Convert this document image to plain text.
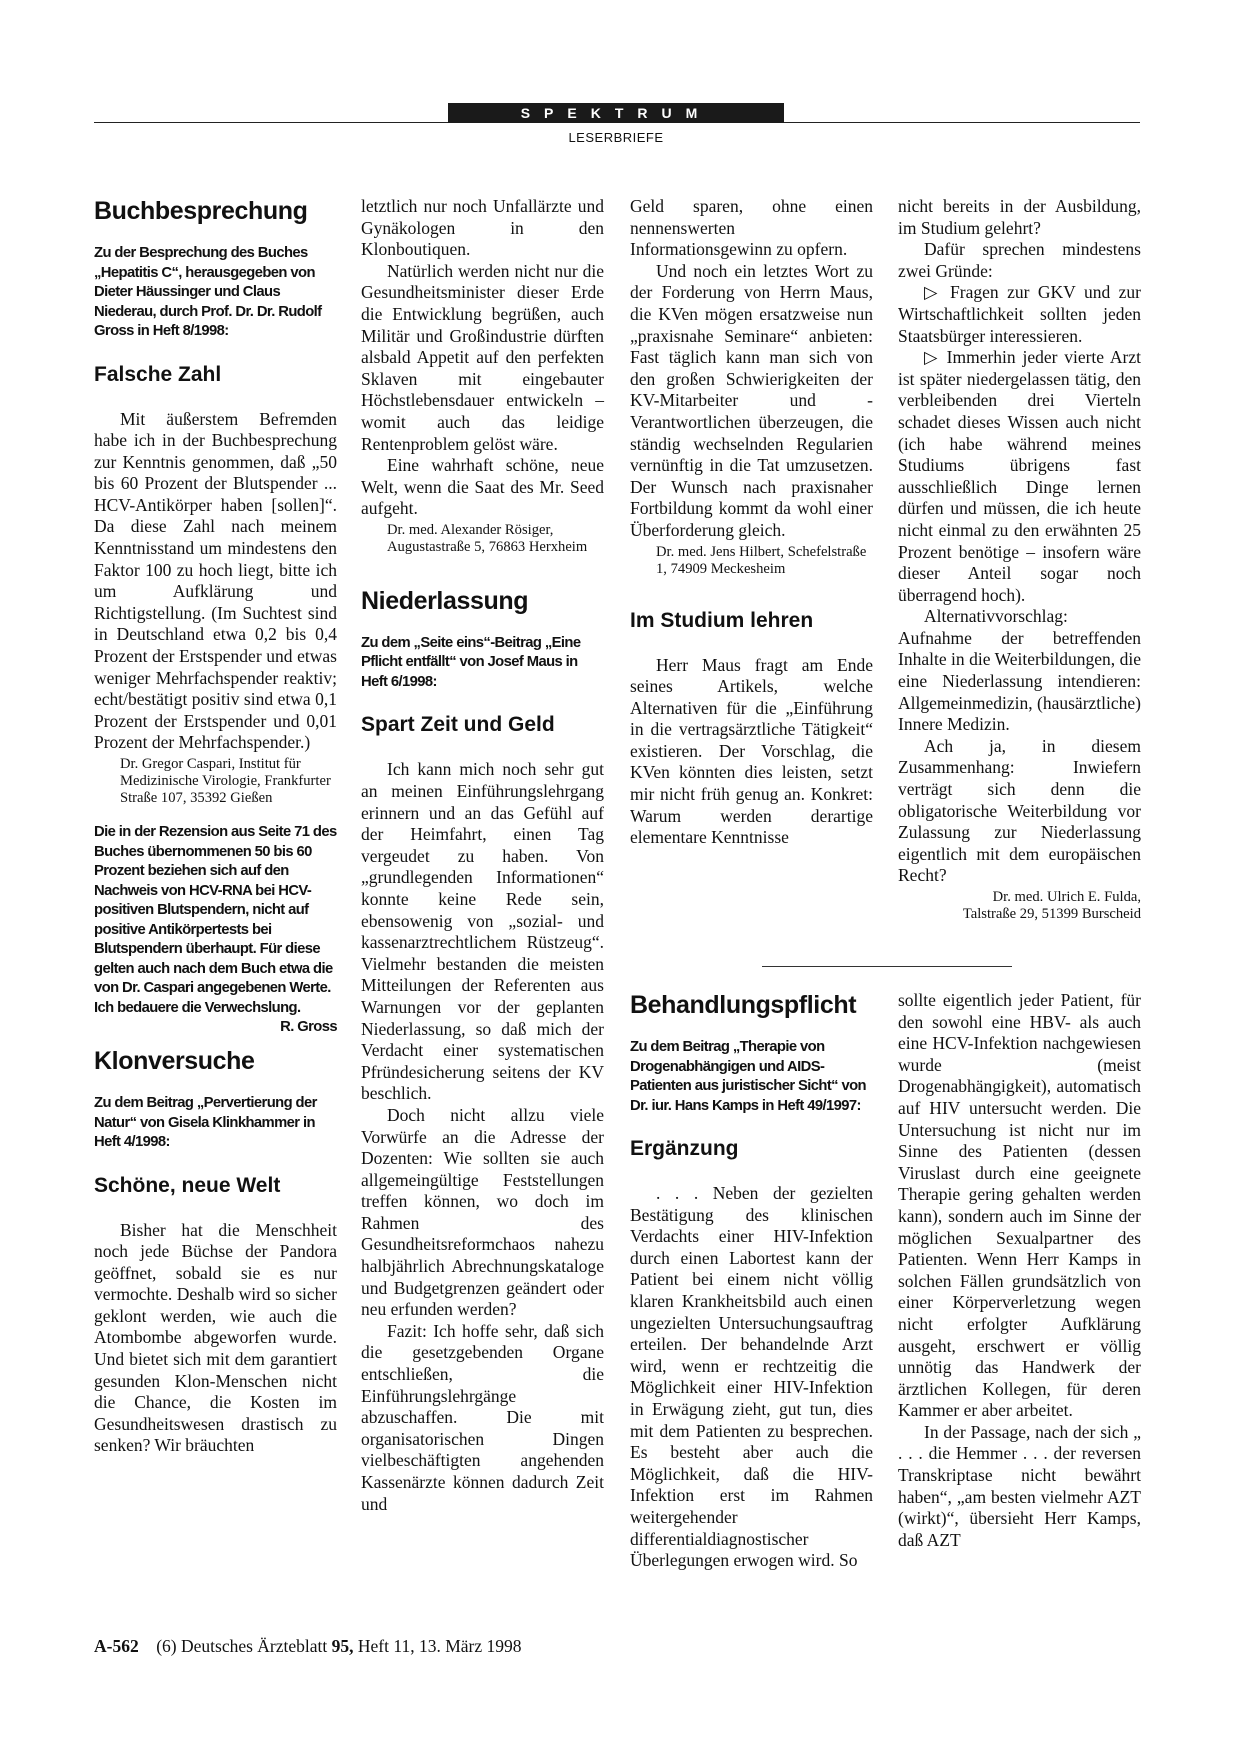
SPEKTRUM
LESERBRIEFE
Buchbesprechung
Zu der Besprechung des Buches „Hepatitis C“, herausgegeben von Dieter Häussinger und Claus Niederau, durch Prof. Dr. Dr. Rudolf Gross in Heft 8/1998:
Falsche Zahl

Mit äußerstem Befremden habe ich in der Buchbesprechung zur Kenntnis genommen, daß „50 bis 60 Prozent der Blutspender ... HCV-Antikörper haben [sollen]“. Da diese Zahl nach meinem Kenntnisstand um mindestens den Faktor 100 zu hoch liegt, bitte ich um Aufklärung und Richtigstellung. (Im Suchtest sind in Deutschland etwa 0,2 bis 0,4 Prozent der Erstspender und etwas weniger Mehrfachspender reaktiv; echt/bestätigt positiv sind etwa 0,1 Prozent der Erstspender und 0,01 Prozent der Mehrfachspender.)

Dr. Gregor Caspari, Institut für Medizinische Virologie, Frankfurter Straße 107, 35392 Gießen
Die in der Rezension aus Seite 71 des Buches übernommenen 50 bis 60 Prozent beziehen sich auf den Nachweis von HCV-RNA bei HCV-positiven Blutspendern, nicht auf positive Antikörpertests bei Blutspendern überhaupt. Für diese gelten auch nach dem Buch etwa die von Dr. Caspari angegebenen Werte. Ich bedauere die Verwechslung.
R. Gross
Klonversuche
Zu dem Beitrag „Pervertierung der Natur“ von Gisela Klinkhammer in Heft 4/1998:
Schöne, neue Welt

Bisher hat die Menschheit noch jede Büchse der Pandora geöffnet, sobald sie es nur vermochte. Deshalb wird so sicher geklont werden, wie auch die Atombombe abgeworfen wurde. Und bietet sich mit dem garantiert gesunden Klon-Menschen nicht die Chance, die Kosten im Gesundheitswesen drastisch zu senken? Wir bräuchten

letztlich nur noch Unfallärzte und Gynäkologen in den Klonboutiquen.

Natürlich werden nicht nur die Gesundheitsminister dieser Erde die Entwicklung begrüßen, auch Militär und Großindustrie dürften alsbald Appetit auf den perfekten Sklaven mit eingebauter Höchstlebensdauer entwickeln – womit auch das leidige Rentenproblem gelöst wäre.

Eine wahrhaft schöne, neue Welt, wenn die Saat des Mr. Seed aufgeht.

Dr. med. Alexander Rösiger, Augustastraße 5, 76863 Herxheim
Niederlassung
Zu dem „Seite eins“-Beitrag „Eine Pflicht entfällt“ von Josef Maus in Heft 6/1998:
Spart Zeit und Geld

Ich kann mich noch sehr gut an meinen Einführungslehrgang erinnern und an das Gefühl auf der Heimfahrt, einen Tag vergeudet zu haben. Von „grundlegenden Informationen“ konnte keine Rede sein, ebensowenig von „sozial- und kassenarztrechtlichem Rüstzeug“. Vielmehr bestanden die meisten Mitteilungen der Referenten aus Warnungen vor der geplanten Niederlassung, so daß mich der Verdacht einer systematischen Pfründesicherung seitens der KV beschlich.

Doch nicht allzu viele Vorwürfe an die Adresse der Dozenten: Wie sollten sie auch allgemeingültige Feststellungen treffen können, wo doch im Rahmen des Gesundheitsreformchaos nahezu halbjährlich Abrechnungskataloge und Budgetgrenzen geändert oder neu erfunden werden?

Fazit: Ich hoffe sehr, daß sich die gesetzgebenden Organe entschließen, die Einführungslehrgänge abzuschaffen. Die mit organisatorischen Dingen vielbeschäftigten angehenden Kassenärzte können dadurch Zeit und

Geld sparen, ohne einen nennenswerten Informationsgewinn zu opfern.

Und noch ein letztes Wort zu der Forderung von Herrn Maus, die KVen mögen ersatzweise nun „praxisnahe Seminare“ anbieten: Fast täglich kann man sich von den großen Schwierigkeiten der KV-Mitarbeiter und -Verantwortlichen überzeugen, die ständig wechselnden Regularien vernünftig in die Tat umzusetzen. Der Wunsch nach praxisnaher Fortbildung kommt da wohl einer Überforderung gleich.

Dr. med. Jens Hilbert, Schefelstraße 1, 74909 Meckesheim
Im Studium lehren

Herr Maus fragt am Ende seines Artikels, welche Alternativen für die „Einführung in die vertragsärztliche Tätigkeit“ existieren. Der Vorschlag, die KVen könnten dies leisten, setzt mir nicht früh genug an. Konkret: Warum werden derartige elementare Kenntnisse

nicht bereits in der Ausbildung, im Studium gelehrt?

Dafür sprechen mindestens zwei Gründe:

▷ Fragen zur GKV und zur Wirtschaftlichkeit sollten jeden Staatsbürger interessieren.

▷ Immerhin jeder vierte Arzt ist später niedergelassen tätig, den verbleibenden drei Vierteln schadet dieses Wissen auch nicht (ich habe während meines Studiums übrigens fast ausschließlich Dinge lernen dürfen und müssen, die ich heute nicht einmal zu den erwähnten 25 Prozent benötige – insofern wäre dieser Anteil sogar noch überragend hoch).

Alternativvorschlag: Aufnahme der betreffenden Inhalte in die Weiterbildungen, die eine Niederlassung intendieren: Allgemeinmedizin, (hausärztliche) Innere Medizin.

Ach ja, in diesem Zusammenhang: Inwiefern verträgt sich denn die obligatorische Weiterbildung vor Zulassung zur Niederlassung eigentlich mit dem europäischen Recht?

Dr. med. Ulrich E. Fulda,
Talstraße 29, 51399 Burscheid
Behandlungspflicht
Zu dem Beitrag „Therapie von Drogenabhängigen und AIDS-Patienten aus juristischer Sicht“ von Dr. iur. Hans Kamps in Heft 49/1997:
Ergänzung

. . . Neben der gezielten Bestätigung des klinischen Verdachts einer HIV-Infektion durch einen Labortest kann der Patient bei einem nicht völlig klaren Krankheitsbild auch einen ungezielten Untersuchungsauftrag erteilen. Der behandelnde Arzt wird, wenn er rechtzeitig die Möglichkeit einer HIV-Infektion in Erwägung zieht, gut tun, dies mit dem Patienten zu besprechen. Es besteht aber auch die Möglichkeit, daß die HIV-Infektion erst im Rahmen weitergehender differentialdiagnostischer Überlegungen erwogen wird. So

sollte eigentlich jeder Patient, für den sowohl eine HBV- als auch eine HCV-Infektion nachgewiesen wurde (meist Drogenabhängigkeit), automatisch auf HIV untersucht werden. Die Untersuchung ist nicht nur im Sinne des Patienten (dessen Viruslast durch eine geeignete Therapie gering gehalten werden kann), sondern auch im Sinne der möglichen Sexualpartner des Patienten. Wenn Herr Kamps in solchen Fällen grundsätzlich von einer Körperverletzung wegen nicht erfolgter Aufklärung ausgeht, erschwert er völlig unnötig das Handwerk der ärztlichen Kollegen, für deren Kammer er aber arbeitet.

In der Passage, nach der sich „ . . . die Hemmer . . . der reversen Transkriptase nicht bewährt haben“, „am besten vielmehr AZT (wirkt)“, übersieht Herr Kamps, daß AZT

A-562 (6) Deutsches Ärzteblatt 95, Heft 11, 13. März 1998
